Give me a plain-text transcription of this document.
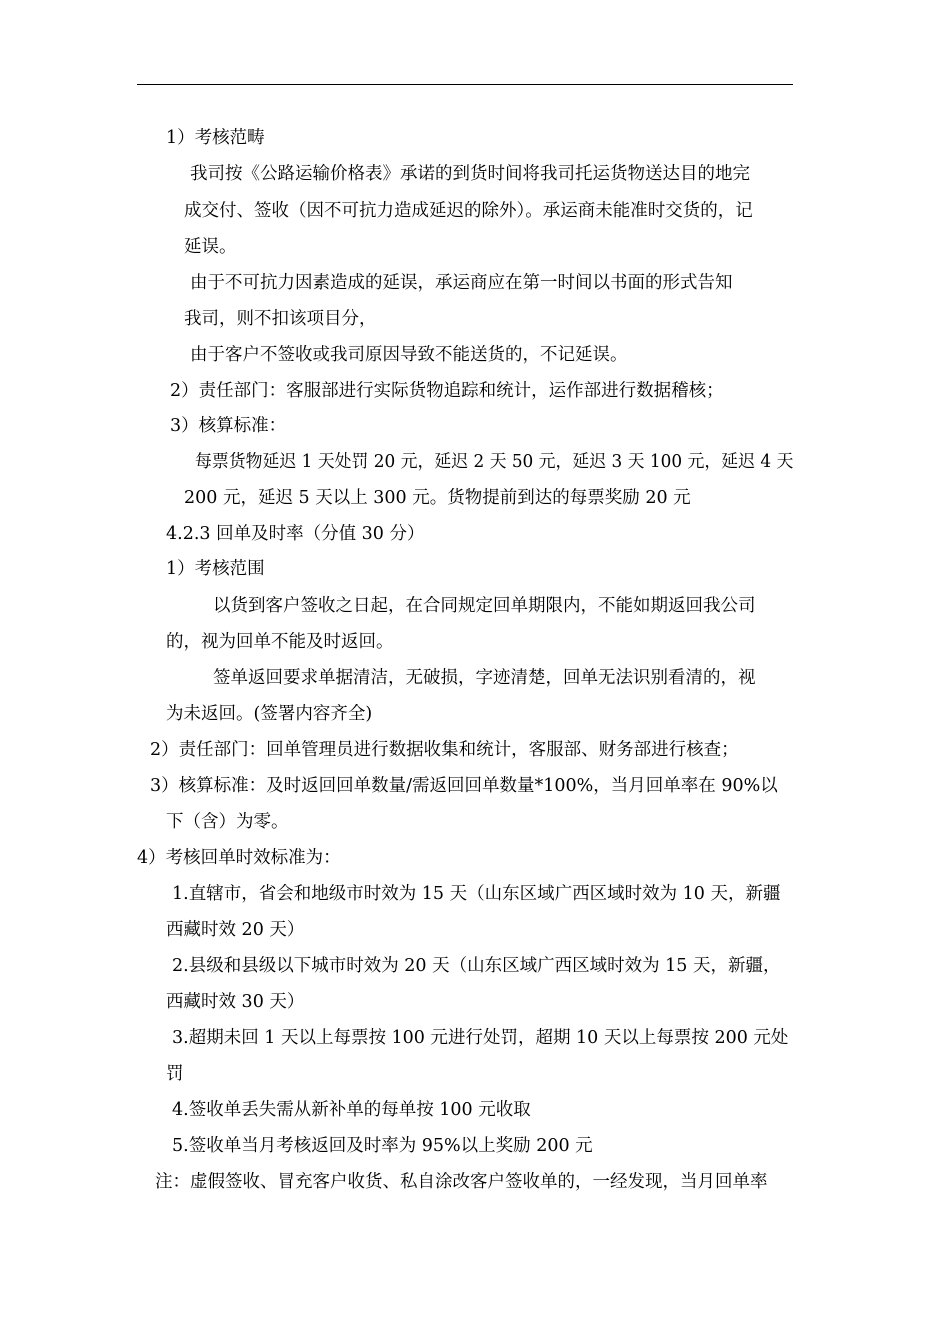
1）考核范畴
我司按《公路运输价格表》承诺的到货时间将我司托运货物送达目的地完
成交付、签收（因不可抗力造成延迟的除外）。承运商未能准时交货的，记
延误。
由于不可抗力因素造成的延误，承运商应在第一时间以书面的形式告知
我司，则不扣该项目分，
由于客户不签收或我司原因导致不能送货的，不记延误。
2）责任部门：客服部进行实际货物追踪和统计，运作部进行数据稽核；
3）核算标准：
每票货物延迟 1 天处罚 20 元，延迟 2 天 50 元，延迟 3 天 100 元，延迟 4 天
200 元，延迟 5 天以上 300 元。货物提前到达的每票奖励 20 元
4.2.3 回单及时率（分值 30 分）
1）考核范围
以货到客户签收之日起，在合同规定回单期限内，不能如期返回我公司
的，视为回单不能及时返回。
签单返回要求单据清洁，无破损，字迹清楚，回单无法识别看清的，视
为未返回。(签署内容齐全)
2）责任部门：回单管理员进行数据收集和统计，客服部、财务部进行核查；
3）核算标准：及时返回回单数量/需返回回单数量*100%，当月回单率在 90%以
下（含）为零。
4）考核回单时效标准为：
1.直辖市，省会和地级市时效为 15 天（山东区域广西区域时效为 10 天，新疆
西藏时效 20 天）
2.县级和县级以下城市时效为 20 天（山东区域广西区域时效为 15 天，新疆，
西藏时效 30 天）
3.超期未回 1 天以上每票按 100 元进行处罚，超期 10 天以上每票按 200 元处
罚
4.签收单丢失需从新补单的每单按 100 元收取
5.签收单当月考核返回及时率为 95%以上奖励 200 元
注：虚假签收、冒充客户收货、私自涂改客户签收单的，一经发现，当月回单率
